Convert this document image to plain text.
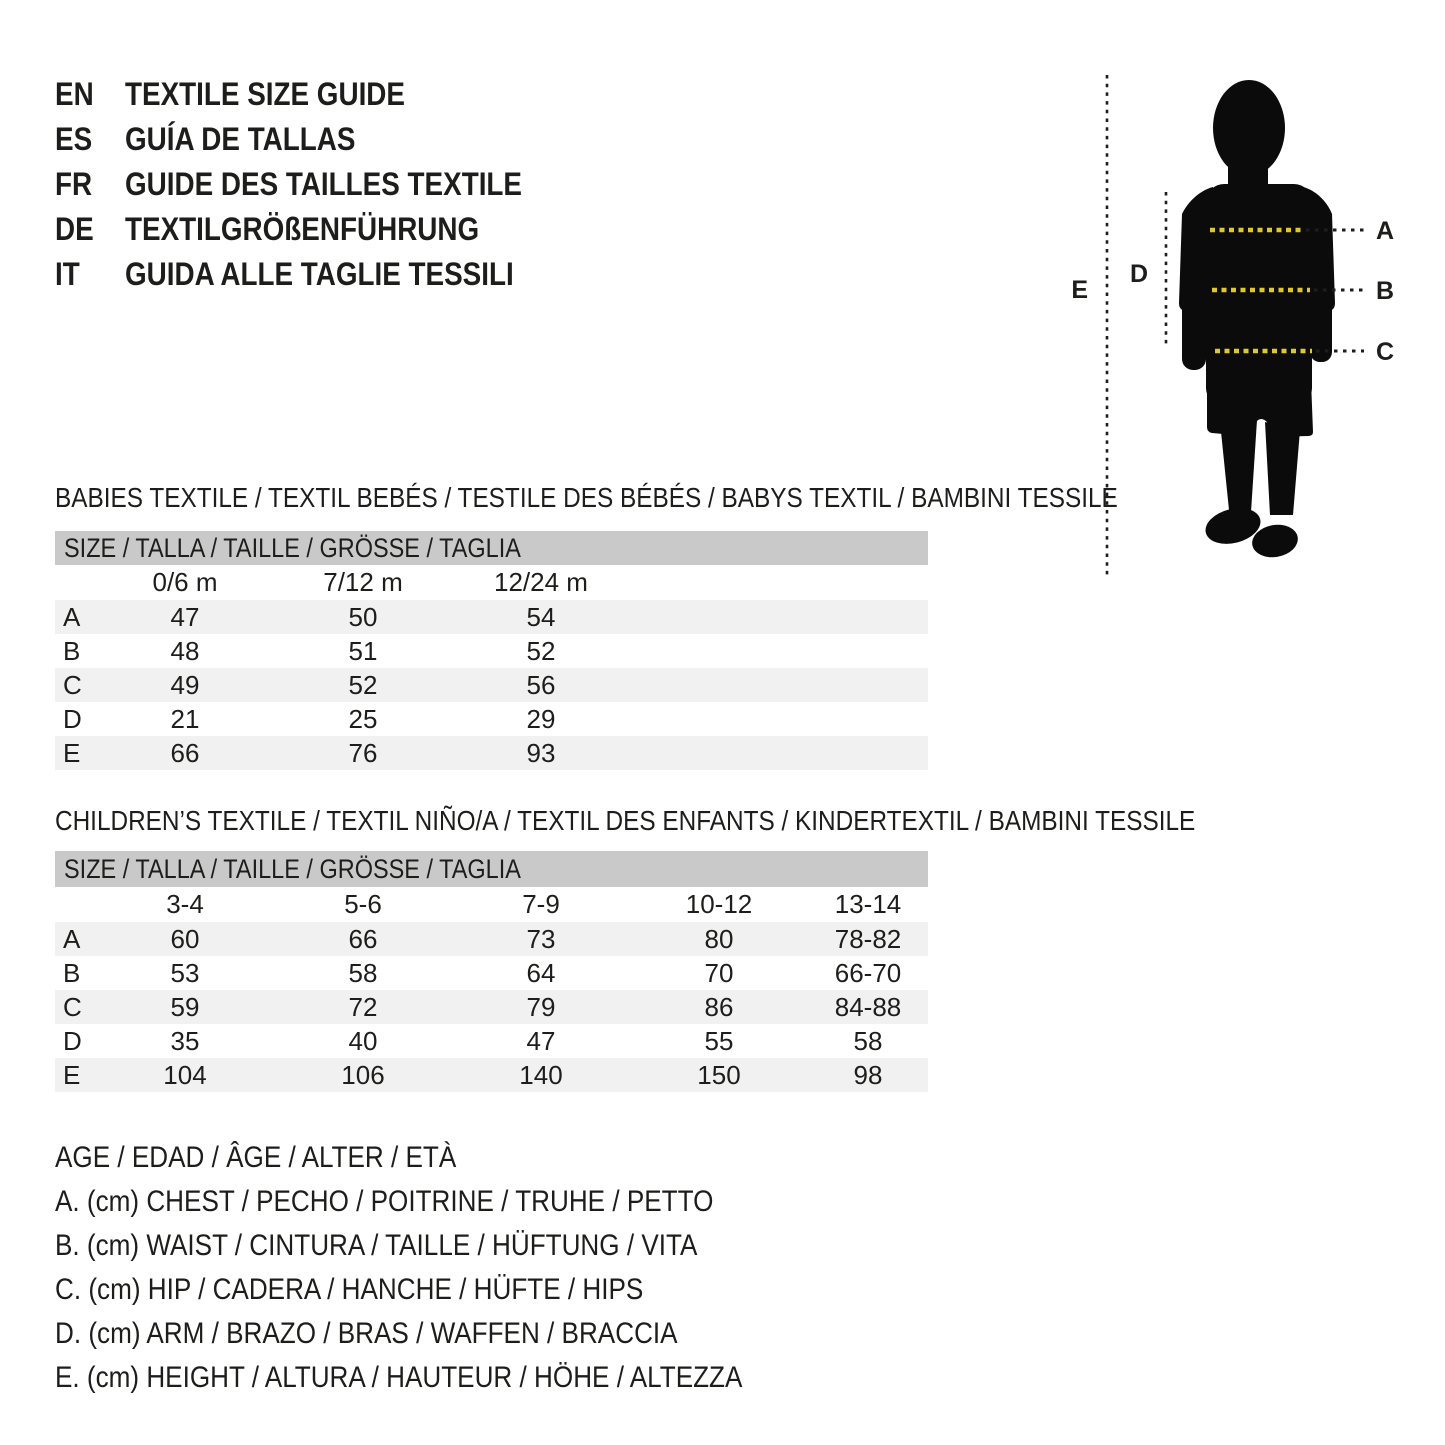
EN TEXTILE SIZE GUIDE
ES	GUÍA DE TALLAS
FR	GUIDE DES TAILLES TEXTILE
DE TEXTILGRÖßENFÜHRUNG
IT	GUIDA ALLE TAGLIE TESSILI
A
B
C
D
E
BABIES TEXTILE / TEXTIL BEBÉS / TESTILE DES BÉBÉS / BABYS TEXTIL / BAMBINI TESSILE
SIZE / TALLA / TAILLE / GRÖSSE / TAGLIA
0/6 m	7/12 m	12/24 m
A	47	50	54
B	48	51	52
C	49	52	56
D	21	25	29
E	66	76	93
CHILDREN’S TEXTILE / TEXTIL NIÑO/A / TEXTIL DES ENFANTS / KINDERTEXTIL / BAMBINI TESSILE
SIZE / TALLA / TAILLE / GRÖSSE / TAGLIA
3-4	5-6	7-9	10-12	13-14
A	60	66	73	80	78-82
B	53	58	64	70	66-70
C	59	72	79	86	84-88
D	35	40	47	55	58
E	104	106	140	150	98
AGE / EDAD / ÂGE / ALTER / ETÀ
A. (cm) CHEST / PECHO / POITRINE / TRUHE / PETTO
B. (cm) WAIST / CINTURA / TAILLE / HÜFTUNG / VITA
C. (cm) HIP / CADERA / HANCHE / HÜFTE / HIPS
D. (cm) ARM / BRAZO / BRAS / WAFFEN / BRACCIA
E. (cm) HEIGHT / ALTURA / HAUTEUR / HÖHE / ALTEZZA
